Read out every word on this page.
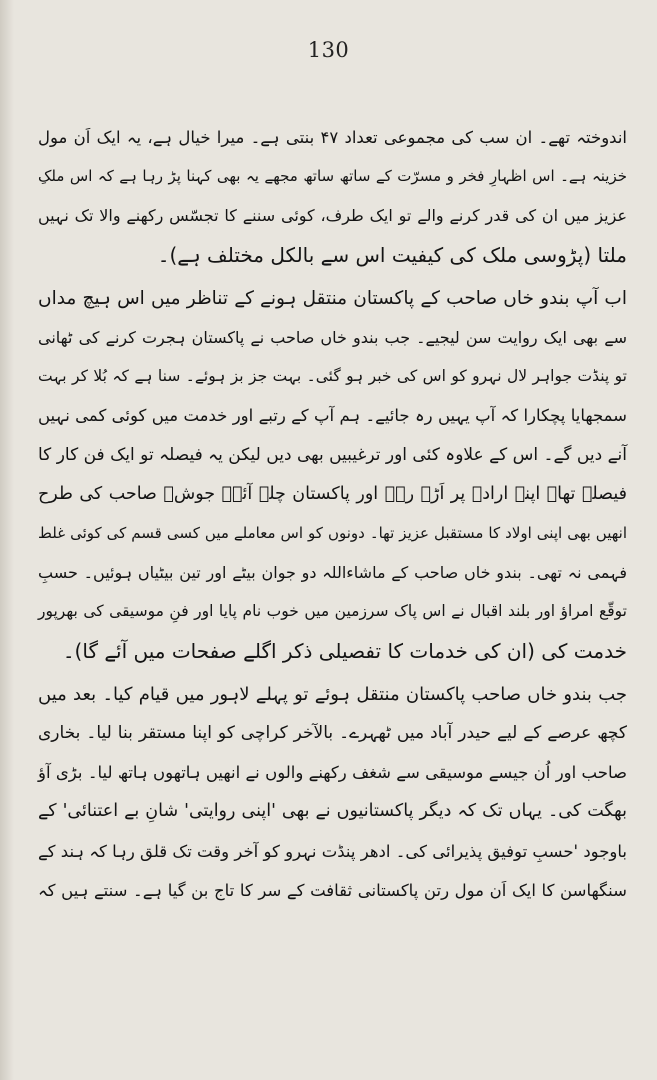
130

اندوختہ تھے۔ ان سب کی مجموعی تعداد ۴۷ بنتی ہے۔ میرا خیال ہے، یہ ایک اَن مول
خزینہ ہے۔ اس اظہارِ فخر و مسرّت کے ساتھ ساتھ مجھے یہ بھی کہنا پڑ رہا ہے کہ اس ملکِ
عزیز میں ان کی قدر کرنے والے تو ایک طرف، کوئی سننے کا تجسّس رکھنے والا تک نہیں
ملتا (پڑوسی ملک کی کیفیت اس سے بالکل مختلف ہے)۔

اب آپ بندو خاں صاحب کے پاکستان منتقل ہونے کے تناظر میں اس ہیچ مداں
سے بھی ایک روایت سن لیجیے۔ جب بندو خاں صاحب نے پاکستان ہجرت کرنے کی ٹھانی
تو پنڈت جواہر لال نہرو کو اس کی خبر ہو گئی۔ بہت جز بز ہوئے۔ سنا ہے کہ بُلا کر بہت
سمجھایا پچکارا کہ آپ یہیں رہ جائیے۔ ہم آپ کے رتبے اور خدمت میں کوئی کمی نہیں
آنے دیں گے۔ اس کے علاوہ کئی اور ترغیبیں بھی دیں لیکن یہ فیصلہ تو ایک فن کار کا
فیصلہ تھا۔ اپنے ارادے پر اَڑے رہے اور پاکستان چلے آئے۔ جوشؔ صاحب کی طرح
انھیں بھی اپنی اولاد کا مستقبل عزیز تھا۔ دونوں کو اس معاملے میں کسی قسم کی کوئی غلط
فہمی نہ تھی۔ بندو خاں صاحب کے ماشاءاللہ دو جوان بیٹے اور تین بیٹیاں ہوئیں۔ حسبِ
توقّع امراؤ اور بلند اقبال نے اس پاک سرزمین میں خوب نام پایا اور فنِ موسیقی کی بھرپور
خدمت کی (ان کی خدمات کا تفصیلی ذکر اگلے صفحات میں آئے گا)۔

جب بندو خاں صاحب پاکستان منتقل ہوئے تو پہلے لاہور میں قیام کیا۔ بعد میں
کچھ عرصے کے لیے حیدر آباد میں ٹھہرے۔ بالآخر کراچی کو اپنا مستقر بنا لیا۔ بخاری
صاحب اور اُن جیسے موسیقی سے شغف رکھنے والوں نے انھیں ہاتھوں ہاتھ لیا۔ بڑی آؤ
بھگت کی۔ یہاں تک کہ دیگر پاکستانیوں نے بھی 'اپنی روایتی' شانِ بے اعتنائی' کے
باوجود 'حسبِ توفیق پذیرائی کی۔ ادھر پنڈت نہرو کو آخر وقت تک قلق رہا کہ ہند کے
سنگھاسن کا ایک اَن مول رتن پاکستانی ثقافت کے سر کا تاج بن گیا ہے۔ سنتے ہیں کہ
